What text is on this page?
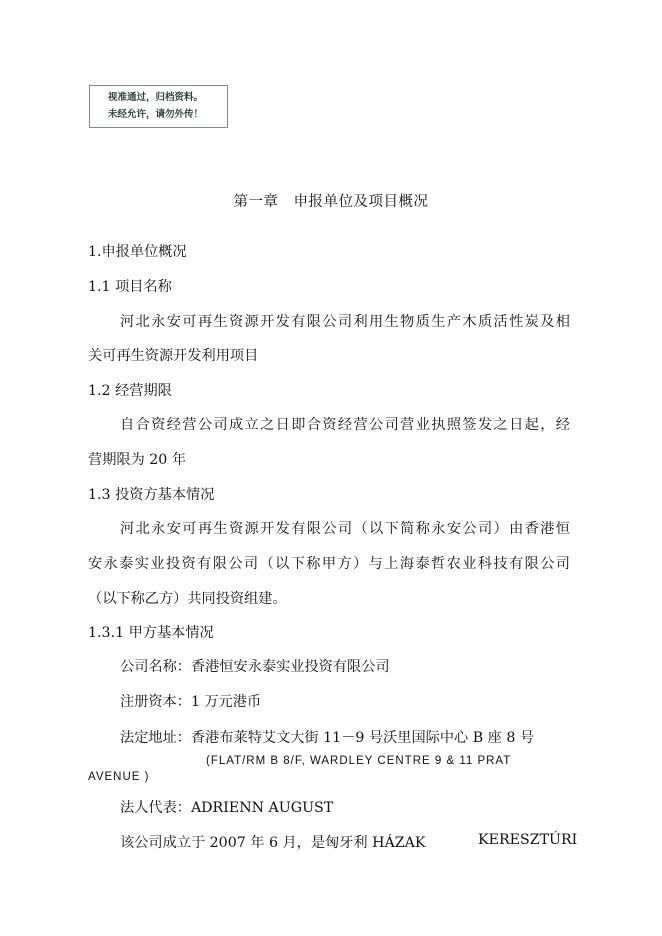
视准通过，归档资料。
未经允许，请勿外传！
第一章　申报单位及项目概况
1.申报单位概况
1.1 项目名称
河北永安可再生资源开发有限公司利用生物质生产木质活性炭及相
关可再生资源开发利用项目
1.2 经营期限
自合资经营公司成立之日即合资经营公司营业执照签发之日起，经
营期限为 20 年
1.3 投资方基本情况
河北永安可再生资源开发有限公司（以下简称永安公司）由香港恒
安永泰实业投资有限公司（以下称甲方）与上海泰哲农业科技有限公司
（以下称乙方）共同投资组建。
1.3.1 甲方基本情况
公司名称：香港恒安永泰实业投资有限公司
注册资本：1 万元港币
法定地址：香港布莱特艾文大街 11－9 号沃里国际中心 B 座 8 号
(FLAT/RM B 8/F, WARDLEY CENTRE 9 & 11 PRAT
AVENUE )
法人代表：ADRIENN AUGUST
该公司成立于 2007 年 6 月，是匈牙利 HÁZAK	KERESZTÚRI
